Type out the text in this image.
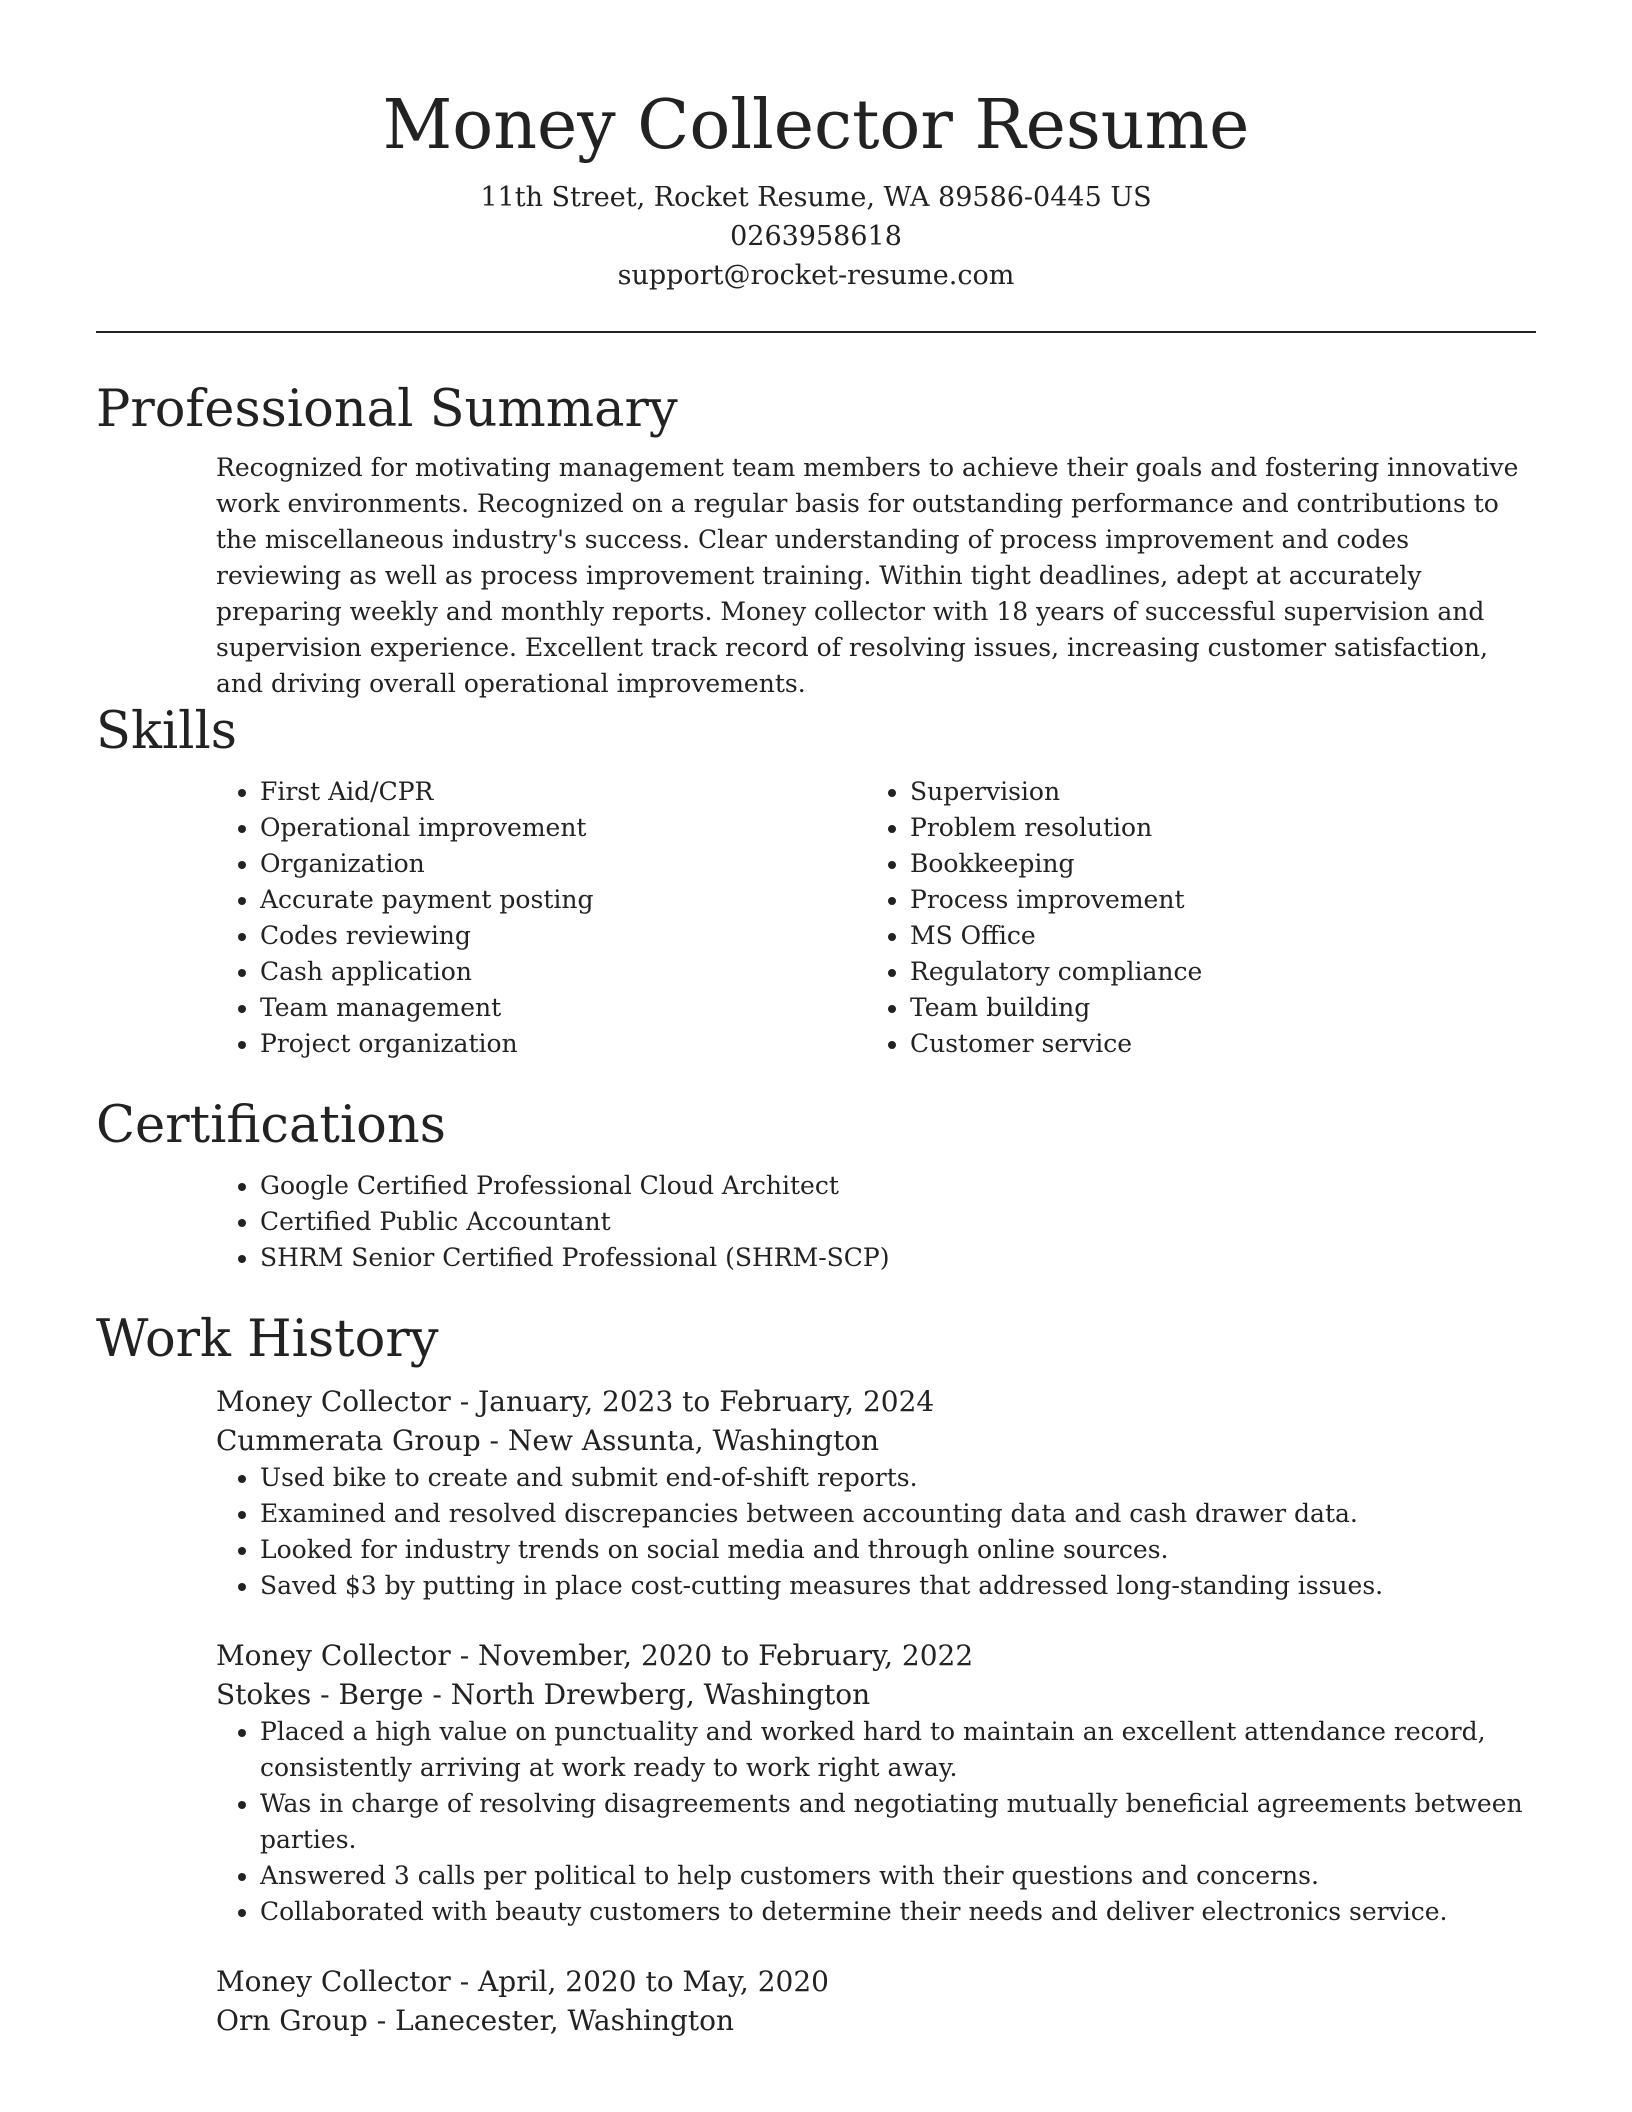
Money Collector Resume

11th Street, Rocket Resume, WA 89586-0445 US

0263958618

support@rocket-resume.com

Professional Summary

Recognized for motivating management team members to achieve their goals and fostering innovative work environments. Recognized on a regular basis for outstanding performance and contributions to the miscellaneous industry's success. Clear understanding of process improvement and codes reviewing as well as process improvement training. Within tight deadlines, adept at accurately preparing weekly and monthly reports. Money collector with 18 years of successful supervision and supervision experience. Excellent track record of resolving issues, increasing customer satisfaction, and driving overall operational improvements.

Skills
• First Aid/CPR
• Operational improvement
• Organization
• Accurate payment posting
• Codes reviewing
• Cash application
• Team management
• Project organization
• Supervision
• Problem resolution
• Bookkeeping
• Process improvement
• MS Office
• Regulatory compliance
• Team building
• Customer service
Certifications
• Google Certified Professional Cloud Architect
• Certified Public Accountant
• SHRM Senior Certified Professional (SHRM-SCP)
Work History

Money Collector - January, 2023 to February, 2024

Cummerata Group - New Assunta, Washington

• Used bike to create and submit end-of-shift reports.
• Examined and resolved discrepancies between accounting data and cash drawer data.
• Looked for industry trends on social media and through online sources.
• Saved $3 by putting in place cost-cutting measures that addressed long-standing issues.

Money Collector - November, 2020 to February, 2022

Stokes - Berge - North Drewberg, Washington

• Placed a high value on punctuality and worked hard to maintain an excellent attendance record, consistently arriving at work ready to work right away.
• Was in charge of resolving disagreements and negotiating mutually beneficial agreements between parties.
• Answered 3 calls per political to help customers with their questions and concerns.
• Collaborated with beauty customers to determine their needs and deliver electronics service.

Money Collector - April, 2020 to May, 2020

Orn Group - Lanecester, Washington
